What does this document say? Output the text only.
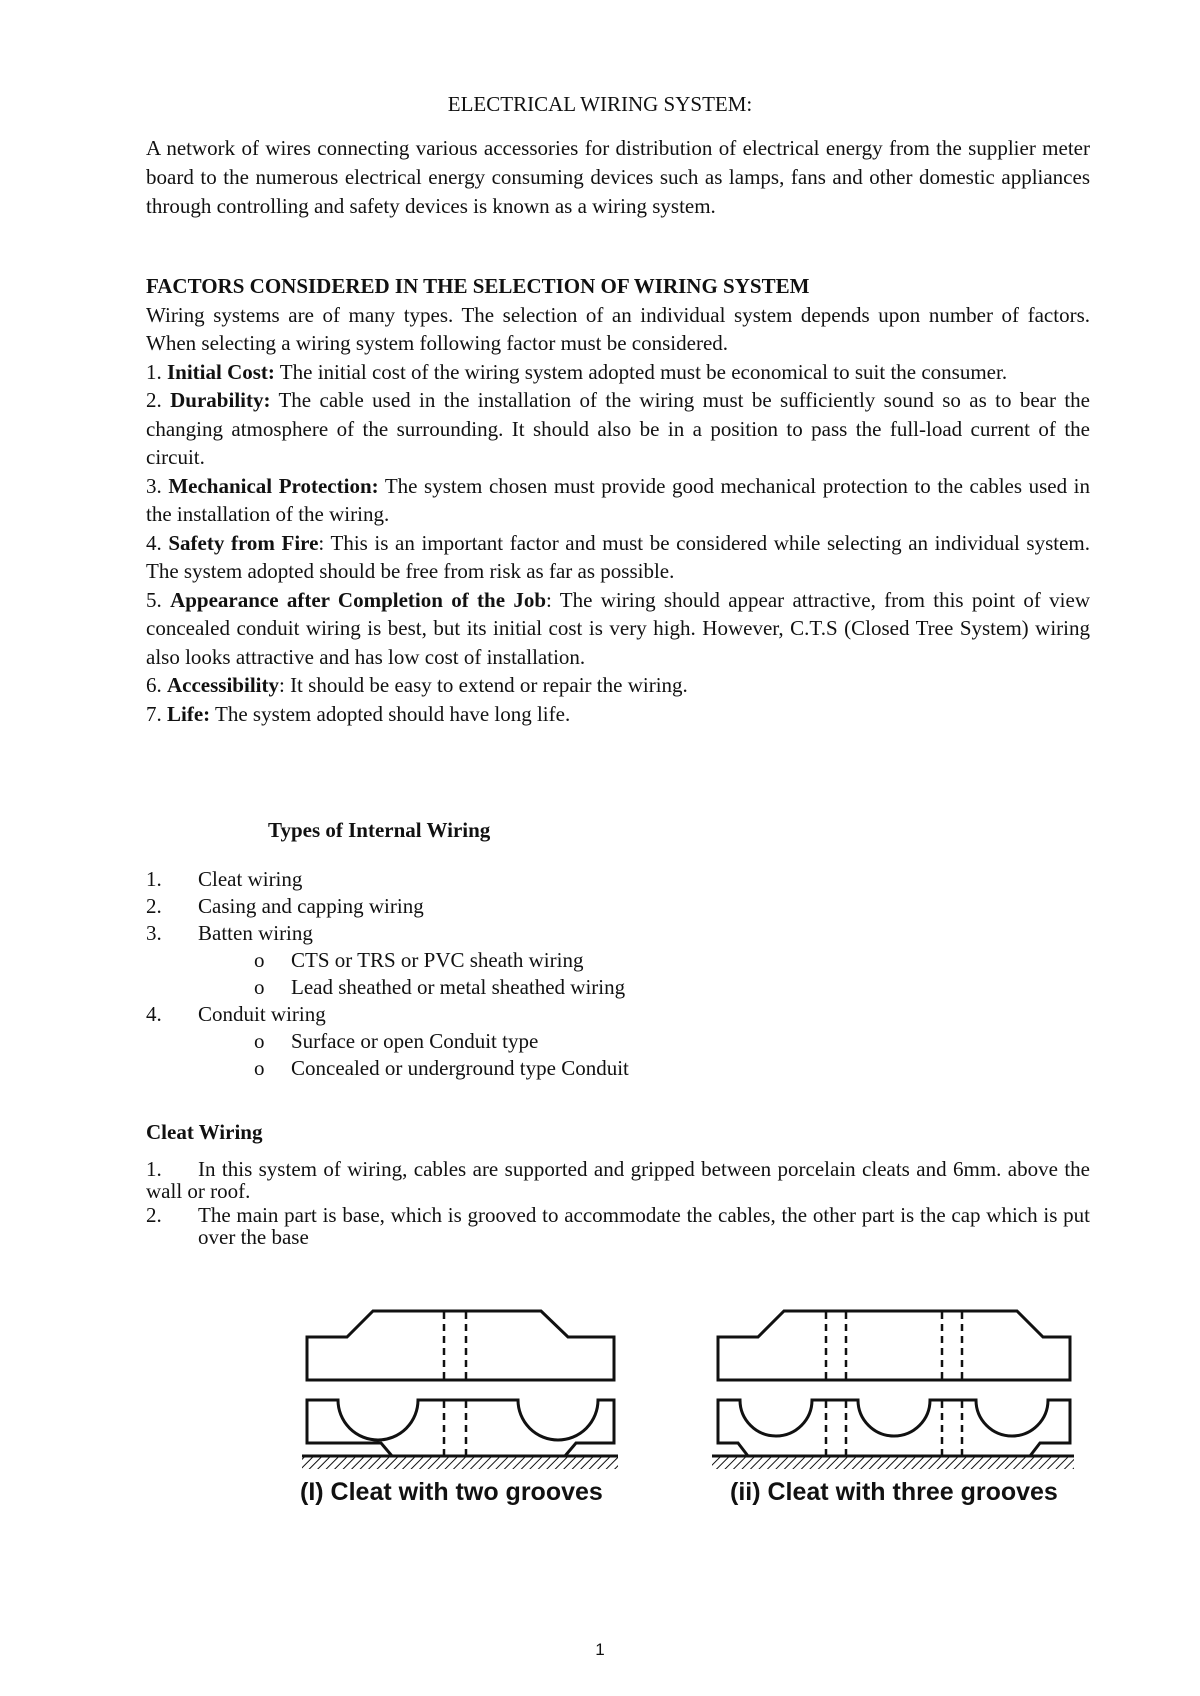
ELECTRICAL WIRING SYSTEM:

A network of wires connecting various accessories for distribution of electrical energy from the supplier meter board to the numerous electrical energy consuming devices such as lamps, fans and other domestic appliances through controlling and safety devices is known as a wiring system.

FACTORS CONSIDERED IN THE SELECTION OF WIRING SYSTEM

Wiring systems are of many types. The selection of an individual system depends upon number of factors. When selecting a wiring system following factor must be considered.

1. Initial Cost: The initial cost of the wiring system adopted must be economical to suit the consumer.

2. Durability: The cable used in the installation of the wiring must be sufficiently sound so as to bear the changing atmosphere of the surrounding. It should also be in a position to pass the full-load current of the circuit.

3. Mechanical Protection: The system chosen must provide good mechanical protection to the cables used in the installation of the wiring.

4. Safety from Fire: This is an important factor and must be considered while selecting an individual system. The system adopted should be free from risk as far as possible.

5. Appearance after Completion of the Job: The wiring should appear attractive, from this point of view concealed conduit wiring is best, but its initial cost is very high. However, C.T.S (Closed Tree System) wiring also looks attractive and has low cost of installation.

6. Accessibility: It should be easy to extend or repair the wiring.

7. Life: The system adopted should have long life.

Types of Internal Wiring
1. Cleat wiring
2. Casing and capping wiring
3. Batten wiring
o CTS or TRS or PVC sheath wiring
o Lead sheathed or metal sheathed wiring
4. Conduit wiring
o Surface or open Conduit type
o Concealed or underground type Conduit
Cleat Wiring
1. In this system of wiring, cables are supported and gripped between porcelain cleats and 6mm. above the wall or roof.
2. The main part is base, which is grooved to accommodate the cables, the other part is the cap which is put over the base
(I) Cleat with two grooves	(ii) Cleat with three grooves

1
